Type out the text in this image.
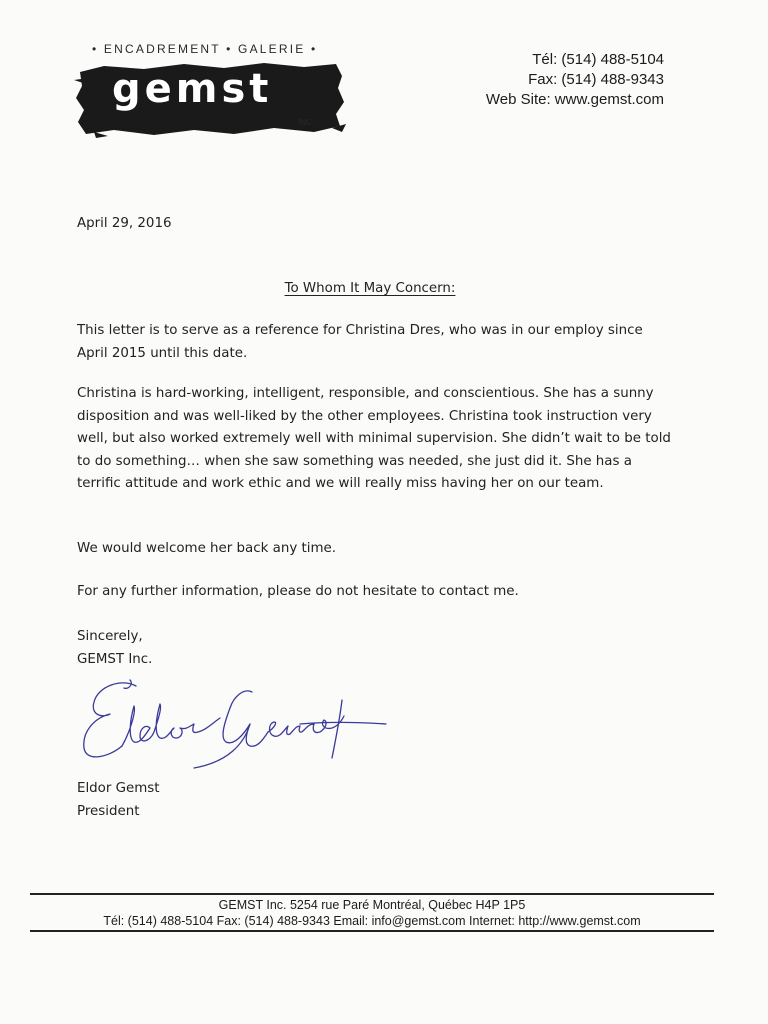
• ENCADREMENT • GALERIE •
gemst
INC.
Tél: (514) 488-5104
Fax: (514) 488-9343
Web Site: www.gemst.com
April 29, 2016
To Whom It May Concern:

This letter is to serve as a reference for Christina Dres, who was in our employ since April 2015 until this date.

Christina is hard-working, intelligent, responsible, and conscientious. She has a sunny disposition and was well-liked by the other employees. Christina took instruction very well, but also worked extremely well with minimal supervision. She didn’t wait to be told to do something… when she saw something was needed, she just did it. She has a terrific attitude and work ethic and we will really miss having her on our team.

We would welcome her back any time.

For any further information, please do not hesitate to contact me.

Sincerely,
GEMST Inc.
Eldor Gemst
President
GEMST Inc. 5254 rue Paré Montréal, Québec H4P 1P5
Tél: (514) 488-5104 Fax: (514) 488-9343 Email: info@gemst.com Internet: http://www.gemst.com
